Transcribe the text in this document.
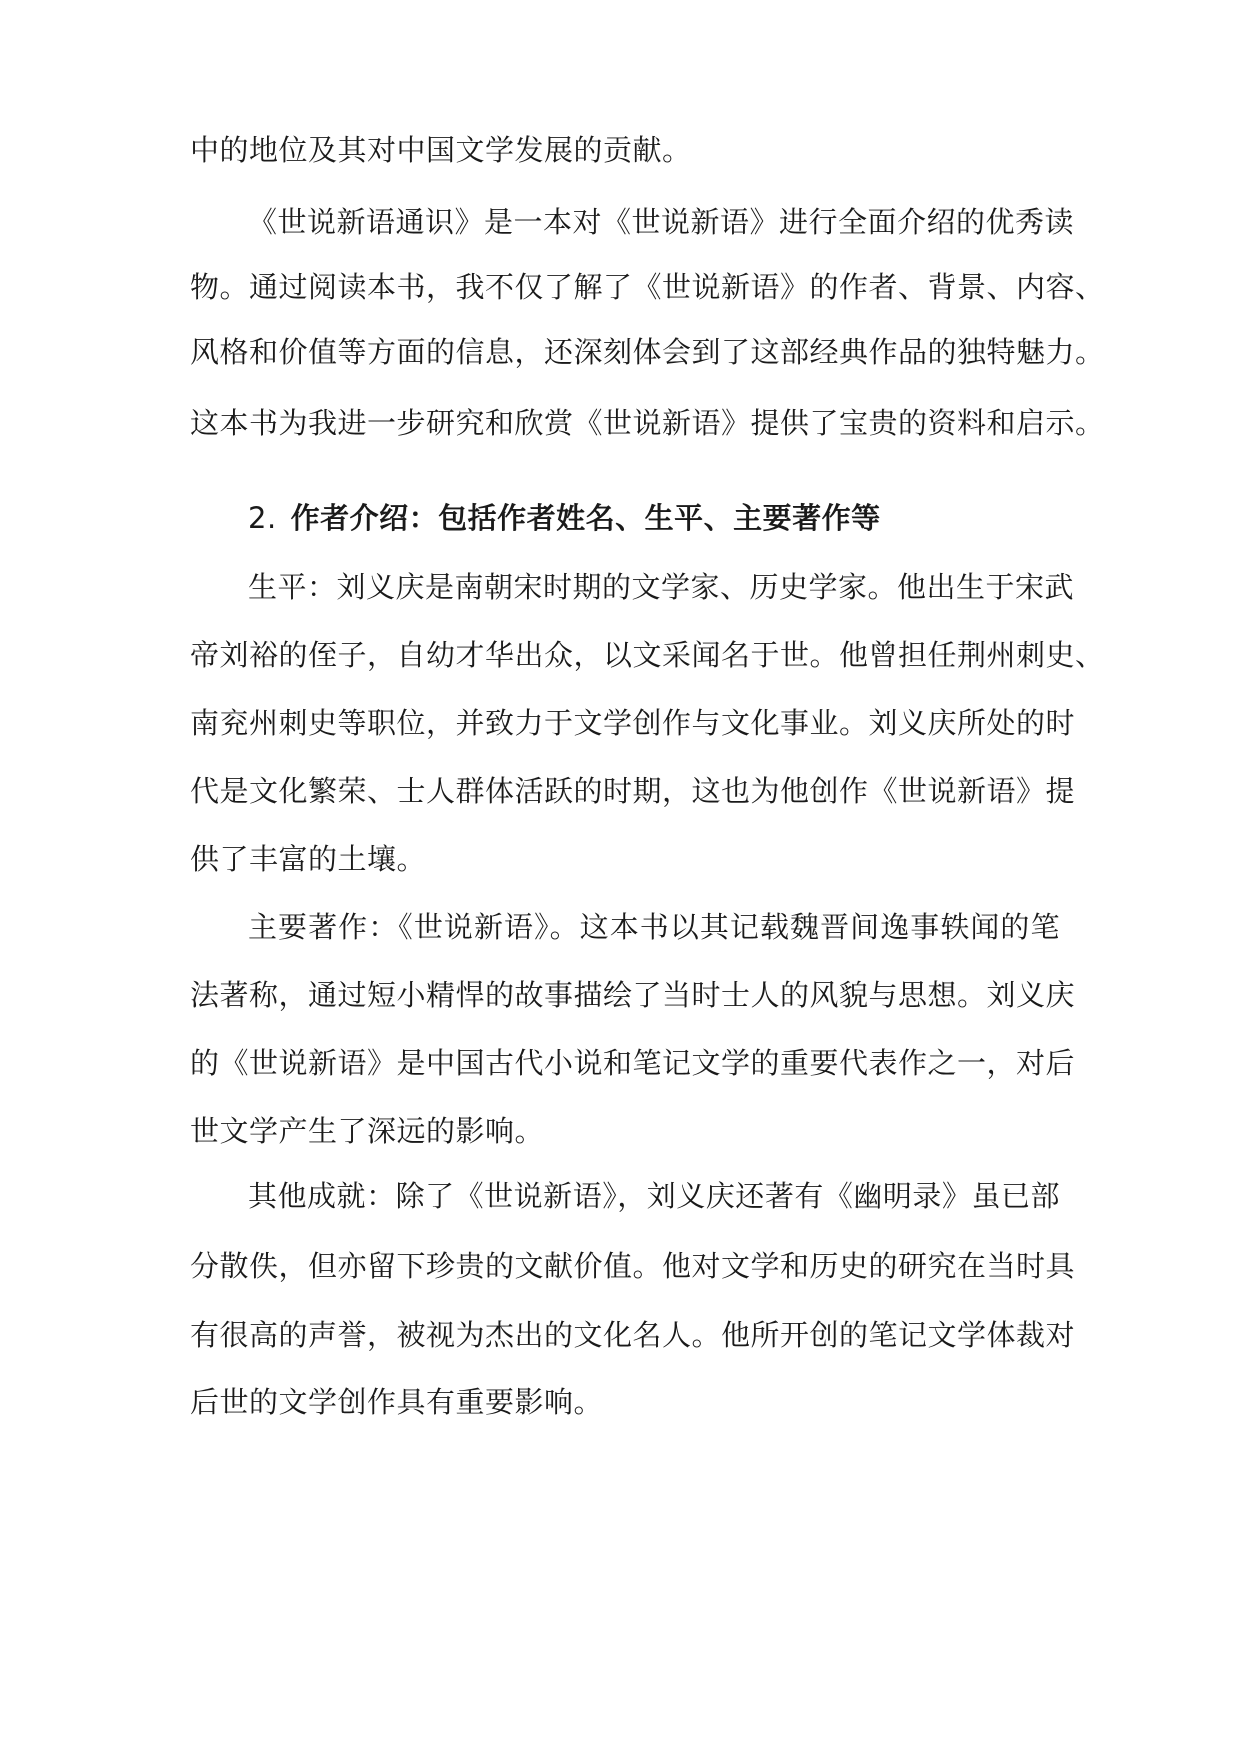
中的地位及其对中国文学发展的贡献。
《世说新语通识》是一本对《世说新语》进行全面介绍的优秀读
物。通过阅读本书，我不仅了解了《世说新语》的作者、背景、内容、
风格和价值等方面的信息，还深刻体会到了这部经典作品的独特魅力。
这本书为我进一步研究和欣赏《世说新语》提供了宝贵的资料和启示。
2. 作者介绍：包括作者姓名、生平、主要著作等
生平：刘义庆是南朝宋时期的文学家、历史学家。他出生于宋武
帝刘裕的侄子，自幼才华出众，以文采闻名于世。他曾担任荆州刺史、
南兖州刺史等职位，并致力于文学创作与文化事业。刘义庆所处的时
代是文化繁荣、士人群体活跃的时期，这也为他创作《世说新语》提
供了丰富的土壤。
主要著作：《世说新语》。这本书以其记载魏晋间逸事轶闻的笔
法著称，通过短小精悍的故事描绘了当时士人的风貌与思想。刘义庆
的《世说新语》是中国古代小说和笔记文学的重要代表作之一，对后
世文学产生了深远的影响。
其他成就：除了《世说新语》，刘义庆还著有《幽明录》虽已部
分散佚，但亦留下珍贵的文献价值。他对文学和历史的研究在当时具
有很高的声誉，被视为杰出的文化名人。他所开创的笔记文学体裁对
后世的文学创作具有重要影响。
